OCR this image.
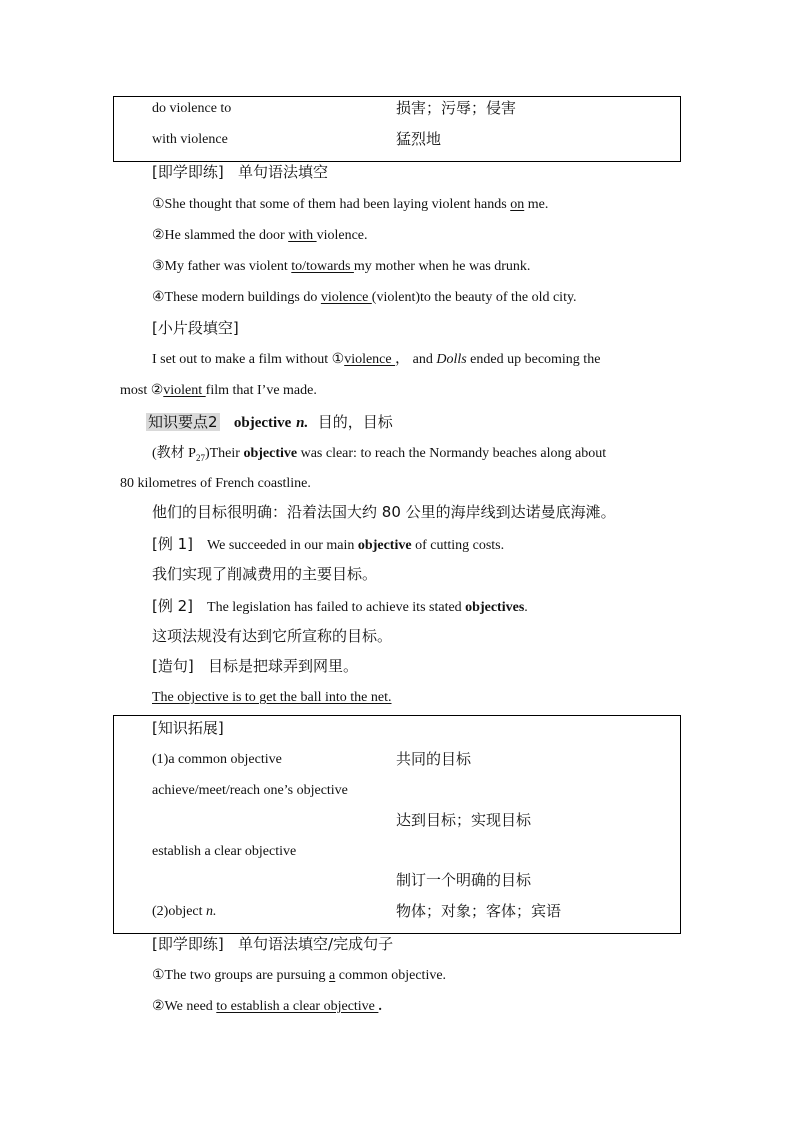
do violence to	损害；污辱；侵害
with violence	猛烈地
[即学即练] 单句语法填空
①She thought that some of them had been laying violent hands on me.
②He slammed the door with violence.
③My father was violent to/towards my mother when he was drunk.
④These modern buildings do violence (violent)to the beauty of the old city.
[小片段填空]
I set out to make a film without ①violence ， and Dolls ended up becoming the
most ②violent film that I’ve made.
知识要点2 objective n. 目的，目标
(教材 $P_{27})Their$ objective was clear: to reach the Normandy beaches along about
80 kilometres of French coastline.
他们的目标很明确：沿着法国大约 80 公里的海岸线到达诺曼底海滩。
[例 1] We succeeded in our main objective of cutting costs.
我们实现了削减费用的主要目标。
[例 2] The legislation has failed to achieve its stated objectives.
这项法规没有达到它所宣称的目标。
[造句] 目标是把球弄到网里。
The objective is to get the ball into the net.
[知识拓展]
(1)a common objective	共同的目标
achieve/meet/reach one’s objective
达到目标；实现目标
establish a clear objective
制订一个明确的目标
(2)object n.	物体；对象；客体；宾语
[即学即练] 单句语法填空/完成句子
①The two groups are pursuing a common objective.
②We need to establish a clear objective .
